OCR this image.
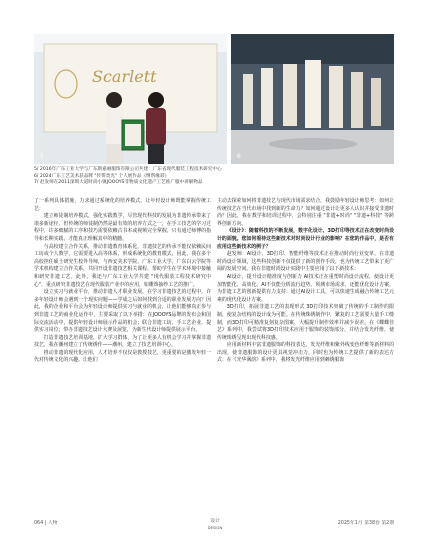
Scarlett
5	6
5/ 2016年广东工业大学与广东斯嘉丽服饰有限公司共建：广东省现代服装工程技术研究中心
6/ 2024广东工艺美术获品牌 "传帮类光" 个人展作品《继帮缘彩》
7/ 赵发师在2011深圳大道时尚小镇JOOOYS非物质文化遗产工艺推广服中讲解物品

了一系列具体措施，力求通过系统化的培养模式，让年轻设计师既能掌握传统工艺：

建立师徒制培养模式，强化实践教学，尽管现代科技的发展为非遗传承带来了诸多新途径，但传统的师徒制仍然是最有效的培养方式之一，在手工技艺的学习过程中，许多细腻的工序和技巧需要依赖古书本或视频完全掌握，只有通过师傅的指导和长期实践，才能真正理解其中的精髓。

与高校建立合作关系，推动非遗教育体系化，非遗技艺的传承不能仅依赖民间工坊或个人教学，它需要进入高等体系，形成系统化的教育模式，因此，我在多个高校担任硕士研究生校外导师，与西安美术学院、广东工业大学、广东白云学院等学术机构建立合作关系，共同开设非遗技艺相关课程，帮助学生在学术环境中接触和研究非遗工艺。此外，我还与广东工业大学共建 "现代服装工程技术研究中心"，重点研究非遗技艺在现代服装产业中的应用，如雕饰抽纱工艺的推广。

设立实习与就业平台，推动非遗人才职业发展，在学习非遗技艺的过程中，许多年轻设计师会遇到一个现实问题——学成之后如何找到合适的职业发展方向？因此，我的企业和平台会为年轻设计师提供实习与就业的机会，让他们能够真正参与到非遗工艺的商业化运作中，主要采取了以下举措：在JOOOYS品牌的发布会和国际交流活动中，提供年轻设计师展示作品的机会；联合非遗工坊、手工艺企业，提供实习岗位；带办非遗技艺设计大赛及展览，为新生代设计师提供展示平台。

打造非遗技艺培训基地，扩大学习群体，为了让更多人有机会学习并掌握非遗技艺，我在潮州建立了传统绣作——潮州，建立了技艺培训中心。

推动非遗的现代化应用，人才培养不仅仅是教授技艺，更重要的是激发年轻一代对传统文化的兴趣。让他们

主动去探索如何将非遗技艺与现代市场需求结合。我鼓励年轻设计师思考：如何让传统技艺在当代市场中找到新的生命力？如何通过设计让更多人认识并接受非遗时尚？因此，我在教学和培训过程中，会特别注重 "非遗+时尚" "非遗+科技" 等跨界创新方向。

《设计》：随着科技的不断发展，数字化设计、3D打印等技术正在改变时尚设计的面貌。您如何看待这些新技术对时尚设计行业的影响？在您的作品中，是否有应用这些新技术的例子？

赵发师：AI设计、3D打印、智能纤维等技术正在推动时尚行业变革。在非遗时尚设计领域，这些科技创新不仅提供了新的创作手段，也为传统工艺带来了更广阔的发展空间。我在非遗时尚设计实践中主要应用了以下新技术：

AI设计，提升设计精准度与创新力 AI技术正在重塑时尚设计流程，使设计更加智能化、高效化。AI不仅能分析流行趋势，预测市场需求，还能优化设计方案，为非遗工艺的创新提供有力支持：通过AI设计工具，可以快速生成融合传统工艺元素的现代化设计方案。

3D打印，拓展非遗工艺的表现形式 3D打印技术突破了传统的手工制作的限制，使复杂结构的设计成为可能。在传统珠绣制作中，繁复的工艺需要大量手工缝制，而3D打印可精准复刻复杂图案，大幅提升制作效率并减少误差。在《蝶蝶佳艺》系列中，我尝试将3D打印技术应用于服饰的装饰部分，并结合发光纤维，使传统珠绣呈现出现代科技感。

应用新材料丰富非遗服饰的科技表达，发光纤维和紫外线变色纤维等新材料的出现，使非遗服饰的设计更具视觉冲击力，同时也为传统工艺提供了新的表达方式：在《光华满韵》系列中，我将发光纤维应用到刺绣服饰

064 | 人物	设计
DESIGN
2025年1月 第38卷 第2期
